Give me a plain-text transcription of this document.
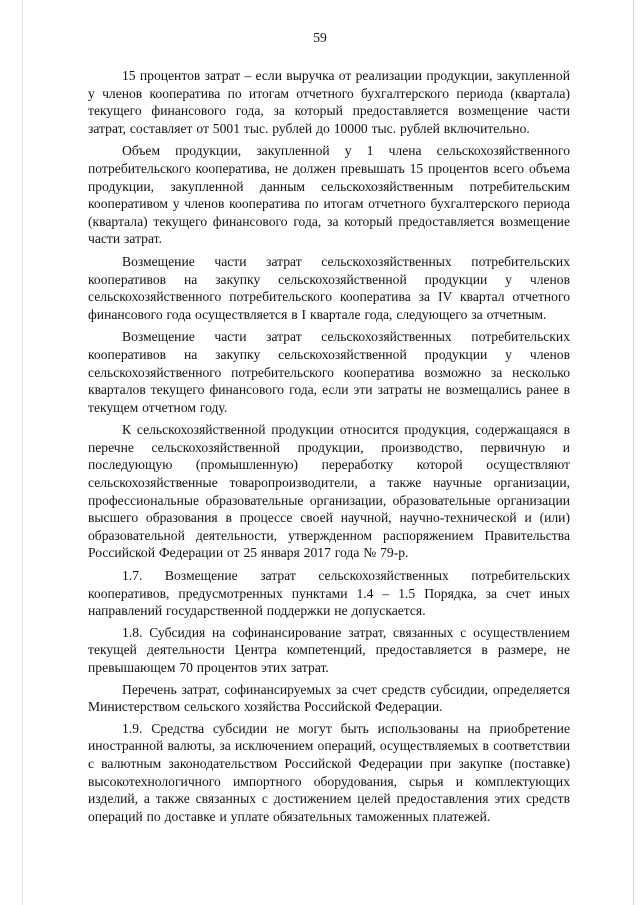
59

15 процентов затрат – если выручка от реализации продукции, закупленной у членов кооператива по итогам отчетного бухгалтерского периода (квартала) текущего финансового года, за который предоставляется возмещение части затрат, составляет от 5001 тыс. рублей до 10000 тыс. рублей включительно.

Объем продукции, закупленной у 1 члена сельскохозяйственного потребительского кооператива, не должен превышать 15 процентов всего объема продукции, закупленной данным сельскохозяйственным потребительским кооперативом у членов кооператива по итогам отчетного бухгалтерского периода (квартала) текущего финансового года, за который предоставляется возмещение части затрат.

Возмещение части затрат сельскохозяйственных потребительских кооперативов на закупку сельскохозяйственной продукции у членов сельскохозяйственного потребительского кооператива за IV квартал отчетного финансового года осуществляется в I квартале года, следующего за отчетным.

Возмещение части затрат сельскохозяйственных потребительских кооперативов на закупку сельскохозяйственной продукции у членов сельскохозяйственного потребительского кооператива возможно за несколько кварталов текущего финансового года, если эти затраты не возмещались ранее в текущем отчетном году.

К сельскохозяйственной продукции относится продукция, содержащаяся в перечне сельскохозяйственной продукции, производство, первичную и последующую (промышленную) переработку которой осуществляют сельскохозяйственные товаропроизводители, а также научные организации, профессиональные образовательные организации, образовательные организации высшего образования в процессе своей научной, научно-технической и (или) образовательной деятельности, утвержденном распоряжением Правительства Российской Федерации от 25 января 2017 года № 79-р.

1.7. Возмещение затрат сельскохозяйственных потребительских кооперативов, предусмотренных пунктами 1.4 – 1.5 Порядка, за счет иных направлений государственной поддержки не допускается.

1.8. Субсидия на софинансирование затрат, связанных с осуществлением текущей деятельности Центра компетенций, предоставляется в размере, не превышающем 70 процентов этих затрат.

Перечень затрат, софинансируемых за счет средств субсидии, определяется Министерством сельского хозяйства Российской Федерации.

1.9. Средства субсидии не могут быть использованы на приобретение иностранной валюты, за исключением операций, осуществляемых в соответствии с валютным законодательством Российской Федерации при закупке (поставке) высокотехнологичного импортного оборудования, сырья и комплектующих изделий, а также связанных с достижением целей предоставления этих средств операций по доставке и уплате обязательных таможенных платежей.
